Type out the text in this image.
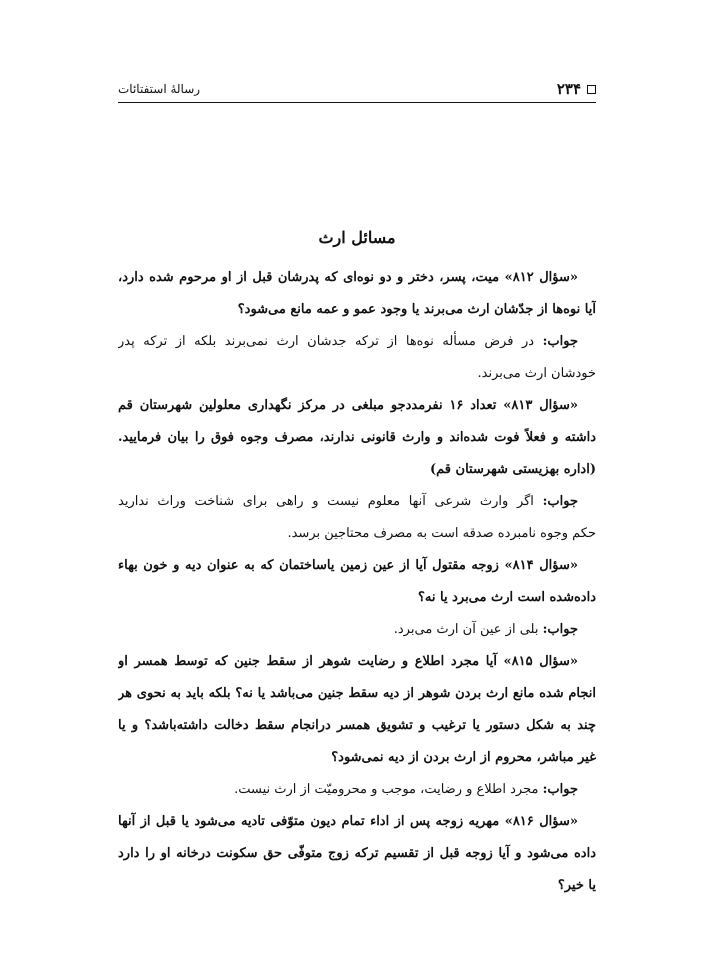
۲۳۴
رسالهٔ استفتائات
مسائل ارث
«سؤال ۸۱۲» میت، پسر، دختر و دو نوه‌ای که پدرشان قبل از او مرحوم شده دارد،
آیا نوه‌ها از جدّشان ارث می‌برند یا وجود عمو و عمه مانع می‌شود؟
جواب: در فرض مسأله نوه‌ها از ترکه جدشان ارث نمی‌برند بلکه از ترکه پدر
خودشان ارث می‌برند.
«سؤال ۸۱۳» تعداد ۱۶ نفرمددجو مبلغی در مرکز نگهداری معلولین شهرستان قم
داشته و فعلاً فوت شده‌اند و وارث قانونی ندارند، مصرف وجوه فوق را بیان فرمایید.
(اداره بهزیستی شهرستان قم)
جواب: اگر وارث شرعی آنها معلوم نیست و راهی برای شناخت وراث ندارید
حکم وجوه نامبرده صدقه است به مصرف محتاجین برسد.
«سؤال ۸۱۴» زوجه مقتول آیا از عین زمین یاساختمان که به عنوان دیه و خون بهاء
داده‌شده است ارث می‌برد یا نه؟
جواب: بلی از عین آن ارث می‌برد.
«سؤال ۸۱۵» آیا مجرد اطلاع و رضایت شوهر از سقط جنین که توسط همسر او
انجام شده مانع ارث بردن شوهر از دیه سقط جنین می‌باشد یا نه؟ بلکه باید به نحوی هر
چند به شکل دستور یا ترغیب و تشویق همسر درانجام سقط دخالت داشته‌باشد؟ و یا
غیر مباشر، محروم از ارث بردن از دیه نمی‌شود؟
جواب: مجرد اطلاع و رضایت، موجب و محرومیّت از ارث نیست.
«سؤال ۸۱۶» مهریه زوجه پس از اداء تمام دیون متوّفی تادیه می‌شود یا قبل از آنها
داده می‌شود و آیا زوجه قبل از تقسیم ترکه زوج متوفّی حق سکونت درخانه او را دارد
یا خیر؟
